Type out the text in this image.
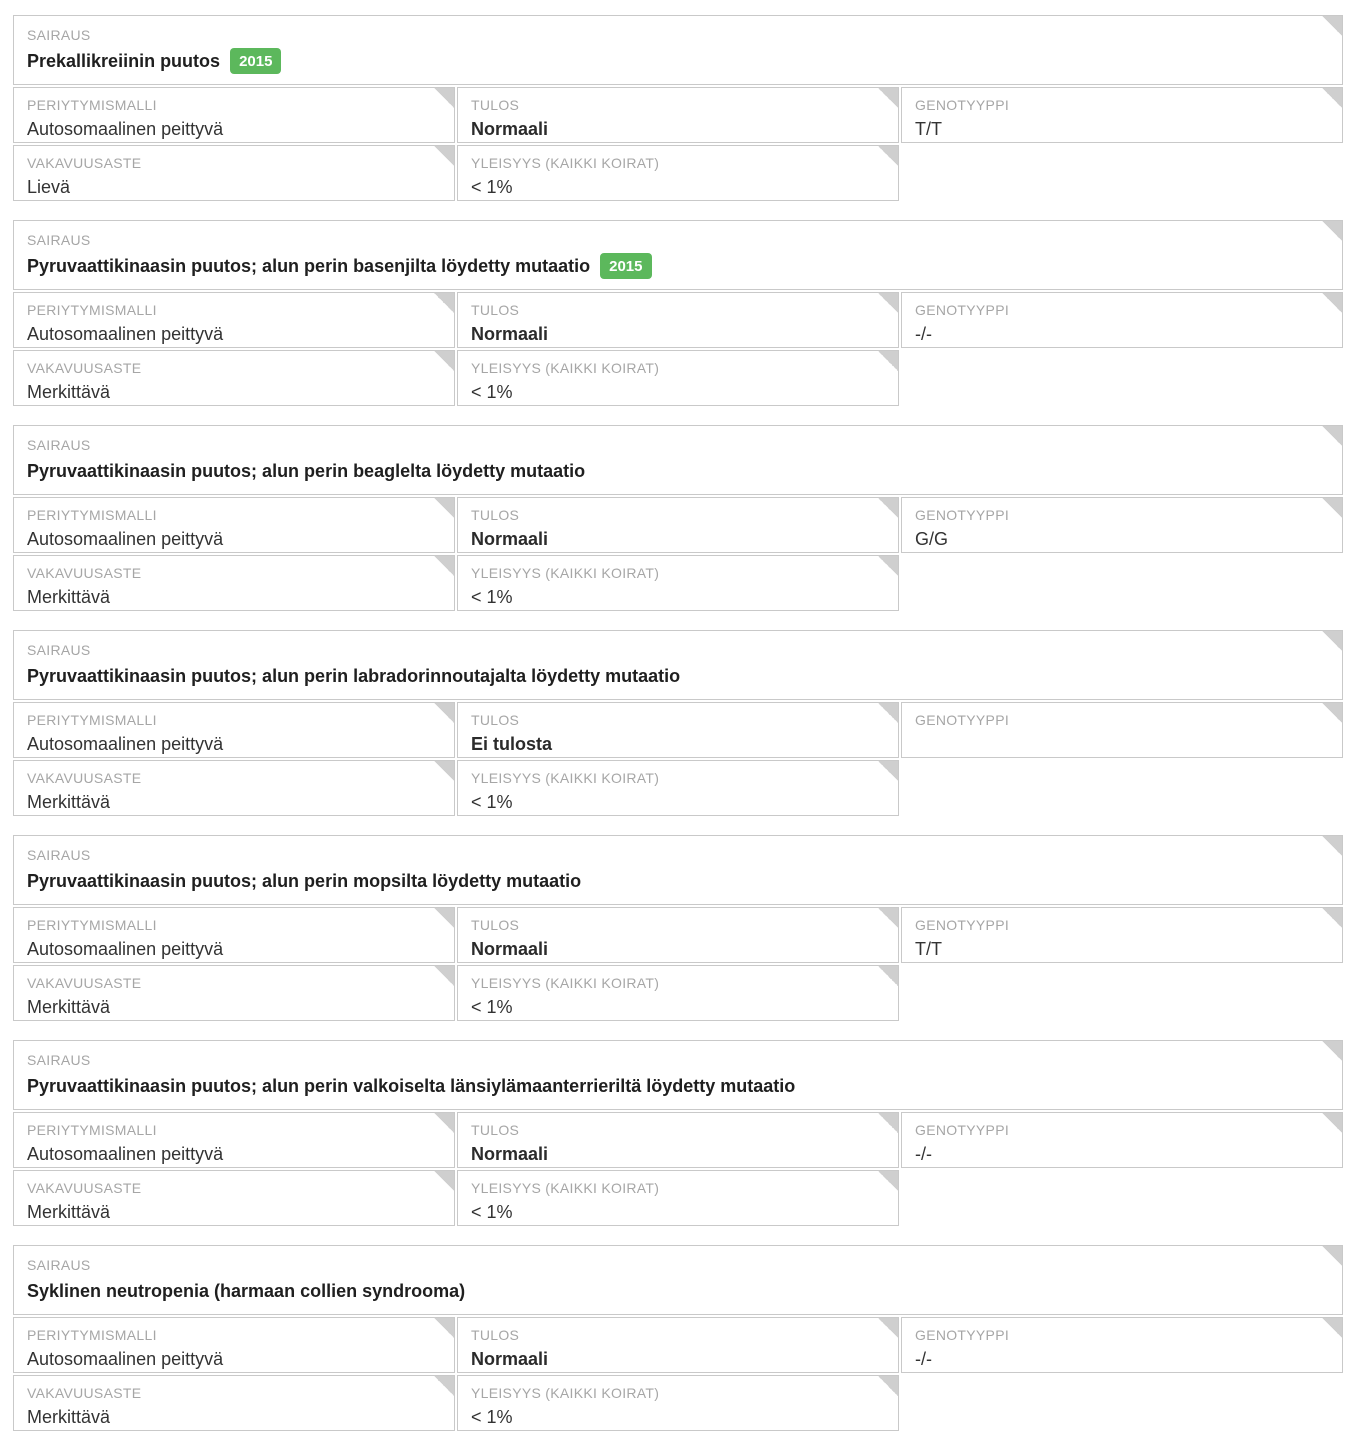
SAIRAUS
Prekallikreiinin puutos	2015
PERIYTYMISMALLI
Autosomaalinen peittyvä
TULOS
Normaali
GENOTYYPPI
T/T
VAKAVUUSASTE
Lievä
YLEISYYS (KAIKKI KOIRAT)
< 1%
SAIRAUS
Pyruvaattikinaasin puutos; alun perin basenjilta löydetty mutaatio	2015
PERIYTYMISMALLI
Autosomaalinen peittyvä
TULOS
Normaali
GENOTYYPPI
-/-
VAKAVUUSASTE
Merkittävä
YLEISYYS (KAIKKI KOIRAT)
< 1%
SAIRAUS
Pyruvaattikinaasin puutos; alun perin beaglelta löydetty mutaatio
PERIYTYMISMALLI
Autosomaalinen peittyvä
TULOS
Normaali
GENOTYYPPI
G/G
VAKAVUUSASTE
Merkittävä
YLEISYYS (KAIKKI KOIRAT)
< 1%
SAIRAUS
Pyruvaattikinaasin puutos; alun perin labradorinnoutajalta löydetty mutaatio
PERIYTYMISMALLI
Autosomaalinen peittyvä
TULOS
Ei tulosta
GENOTYYPPI
VAKAVUUSASTE
Merkittävä
YLEISYYS (KAIKKI KOIRAT)
< 1%
SAIRAUS
Pyruvaattikinaasin puutos; alun perin mopsilta löydetty mutaatio
PERIYTYMISMALLI
Autosomaalinen peittyvä
TULOS
Normaali
GENOTYYPPI
T/T
VAKAVUUSASTE
Merkittävä
YLEISYYS (KAIKKI KOIRAT)
< 1%
SAIRAUS
Pyruvaattikinaasin puutos; alun perin valkoiselta länsiylämaanterrieriltä löydetty mutaatio
PERIYTYMISMALLI
Autosomaalinen peittyvä
TULOS
Normaali
GENOTYYPPI
-/-
VAKAVUUSASTE
Merkittävä
YLEISYYS (KAIKKI KOIRAT)
< 1%
SAIRAUS
Syklinen neutropenia (harmaan collien syndrooma)
PERIYTYMISMALLI
Autosomaalinen peittyvä
TULOS
Normaali
GENOTYYPPI
-/-
VAKAVUUSASTE
Merkittävä
YLEISYYS (KAIKKI KOIRAT)
< 1%
